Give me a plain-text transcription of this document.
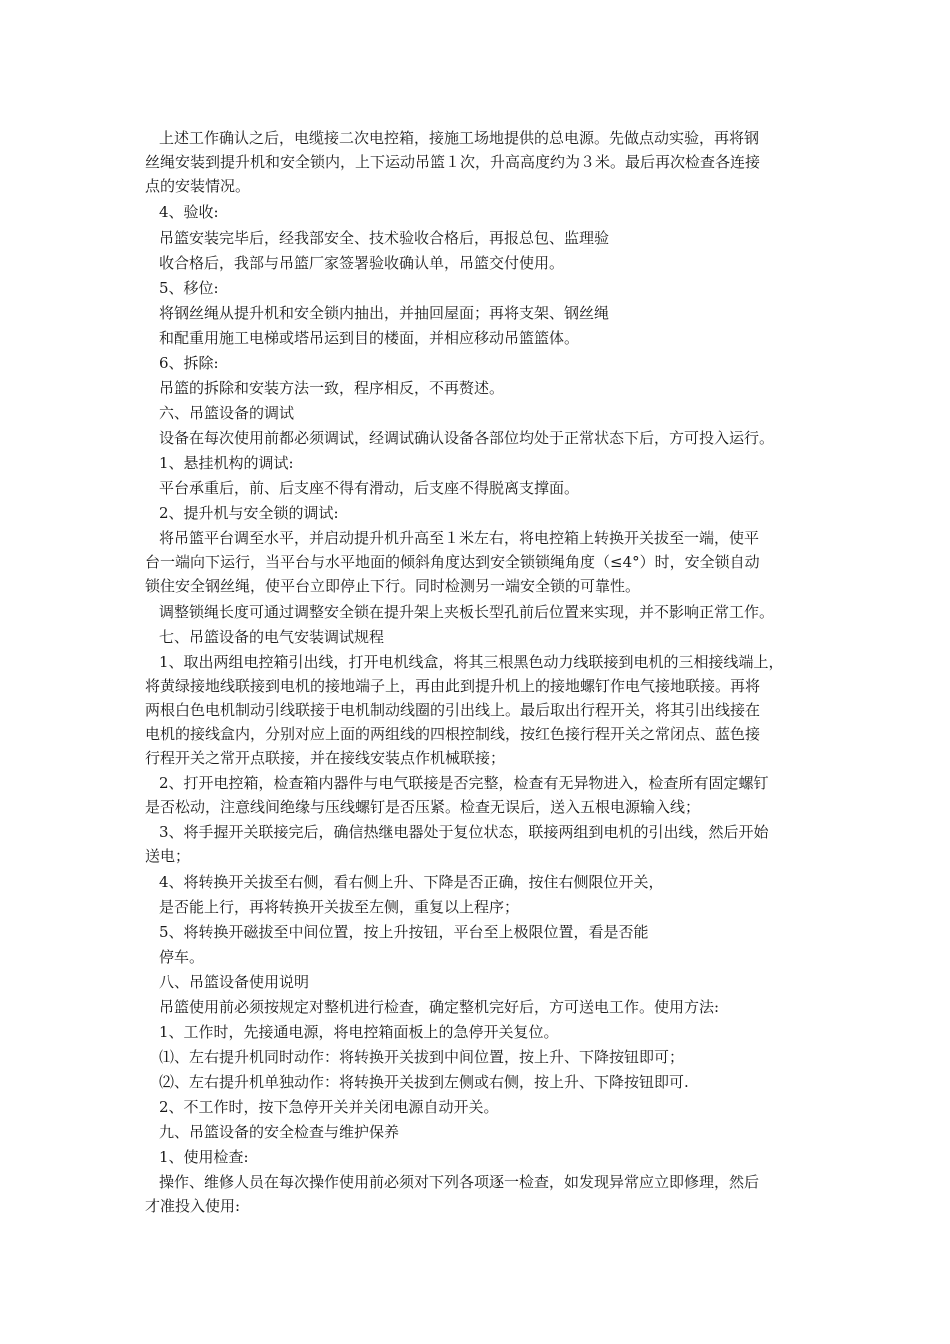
上述工作确认之后，电缆接二次电控箱，接施工场地提供的总电源。先做点动实验，再将钢
丝绳安装到提升机和安全锁内，上下运动吊篮１次，升高高度约为３米。最后再次检查各连接
点的安装情况。
4、验收:
吊篮安装完毕后，经我部安全、技术验收合格后，再报总包、监理验
收合格后，我部与吊篮厂家签署验收确认单，吊篮交付使用。
5、移位:
将钢丝绳从提升机和安全锁内抽出，并抽回屋面；再将支架、钢丝绳
和配重用施工电梯或塔吊运到目的楼面，并相应移动吊篮篮体。
6、拆除:
吊篮的拆除和安装方法一致，程序相反，不再赘述。
六、吊篮设备的调试
设备在每次使用前都必须调试，经调试确认设备各部位均处于正常状态下后，方可投入运行。
1、悬挂机构的调试:
平台承重后，前、后支座不得有滑动，后支座不得脱离支撑面。
2、提升机与安全锁的调试:
将吊篮平台调至水平，并启动提升机升高至１米左右，将电控箱上转换开关拔至一端，使平
台一端向下运行，当平台与水平地面的倾斜角度达到安全锁锁绳角度（≤4°）时，安全锁自动
锁住安全钢丝绳，使平台立即停止下行。同时检测另一端安全锁的可靠性。
调整锁绳长度可通过调整安全锁在提升架上夹板长型孔前后位置来实现，并不影响正常工作。
七、吊篮设备的电气安装调试规程
1、取出两组电控箱引出线，打开电机线盒，将其三根黑色动力线联接到电机的三相接线端上，
将黄绿接地线联接到电机的接地端子上，再由此到提升机上的接地螺钉作电气接地联接。再将
两根白色电机制动引线联接于电机制动线圈的引出线上。最后取出行程开关，将其引出线接在
电机的接线盒内，分别对应上面的两组线的四根控制线，按红色接行程开关之常闭点、蓝色接
行程开关之常开点联接，并在接线安装点作机械联接；
2、打开电控箱，检查箱内器件与电气联接是否完整，检查有无异物进入，检查所有固定螺钉
是否松动，注意线间绝缘与压线螺钉是否压紧。检查无误后，送入五根电源输入线；
3、将手握开关联接完后，确信热继电器处于复位状态，联接两组到电机的引出线，然后开始
送电；
4、将转换开关拔至右侧，看右侧上升、下降是否正确，按住右侧限位开关，
是否能上行，再将转换开关拔至左侧，重复以上程序；
5、将转换开磁拔至中间位置，按上升按钮，平台至上极限位置，看是否能
停车。
八、吊篮设备使用说明
吊篮使用前必须按规定对整机进行检查，确定整机完好后，方可送电工作。使用方法:
1、工作时，先接通电源，将电控箱面板上的急停开关复位。
⑴、左右提升机同时动作：将转换开关拔到中间位置，按上升、下降按钮即可；
⑵、左右提升机单独动作：将转换开关拔到左侧或右侧，按上升、下降按钮即可.
2、不工作时，按下急停开关并关闭电源自动开关。
九、吊篮设备的安全检查与维护保养
1、使用检查:
操作、维修人员在每次操作使用前必须对下列各项逐一检查，如发现异常应立即修理，然后
才准投入使用:
